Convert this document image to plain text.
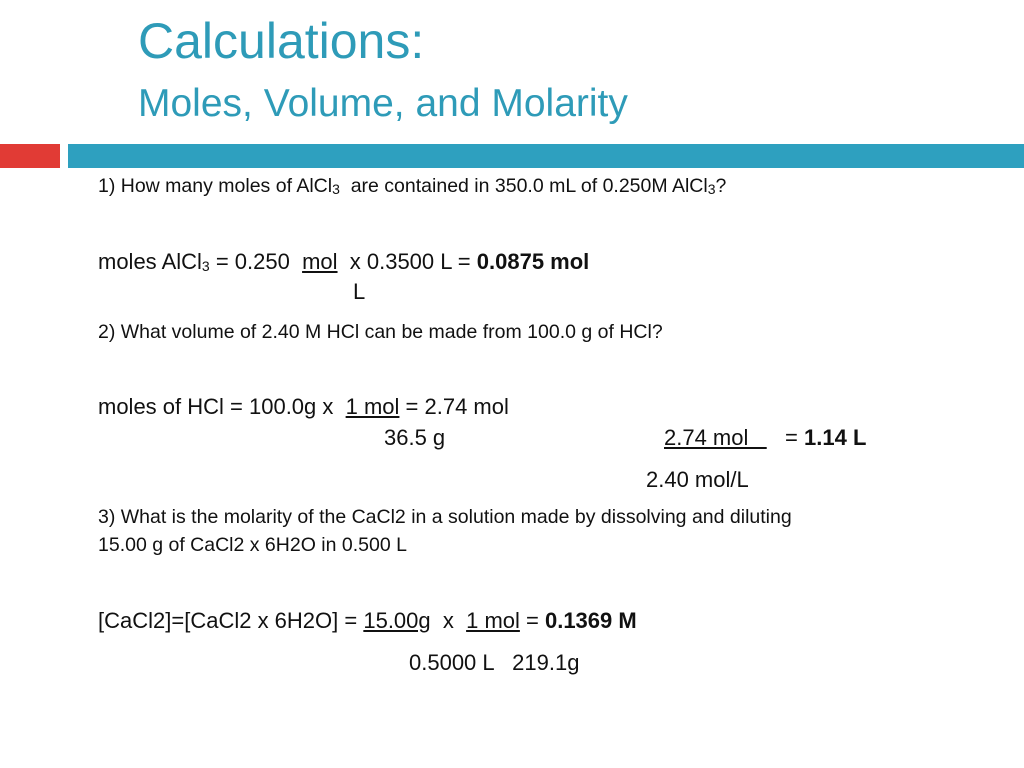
Calculations:
Moles, Volume, and Molarity
1) How many moles of AlCl3  are contained in 350.0 mL of 0.250M AlCl3?
moles AlCl3 = 0.250  mol  x 0.3500 L = 0.0875 mol
L
2) What volume of 2.40 M HCl can be made from 100.0 g of HCl?
moles of HCl = 100.0g x  1 mol = 2.74 mol
36.5 g	2.74 mol      = 1.14 L
2.40 mol/L
3) What is the molarity of the CaCl2 in a solution made by dissolving and diluting
15.00 g of CaCl2 x 6H2O in 0.500 L
[CaCl2]=[CaCl2 x 6H2O] = 15.00g  x  1 mol = 0.1369 M
0.5000 L   219.1g
